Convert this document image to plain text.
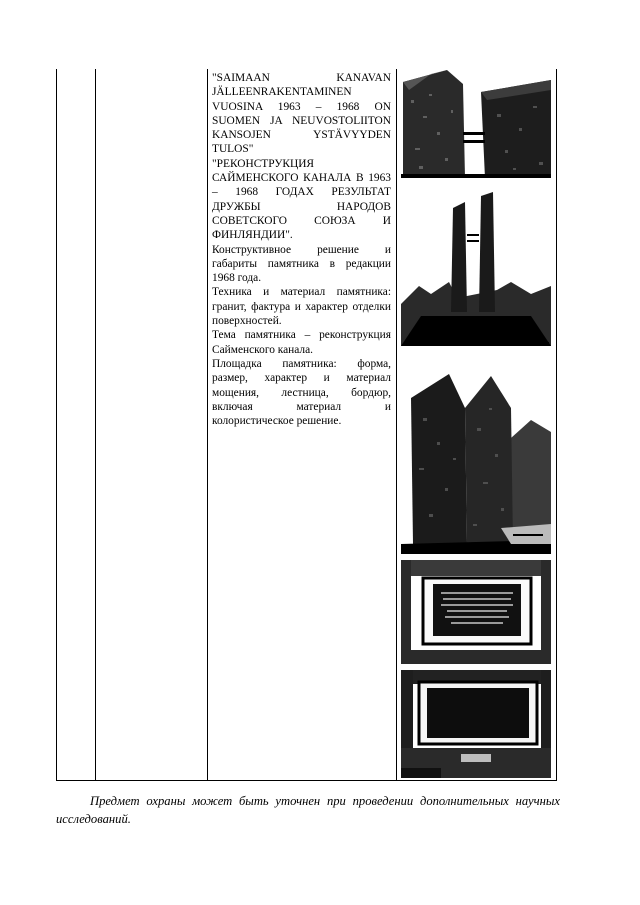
"SAIMAAN KANAVAN JÄLLEENRAKENTAMINEN VUOSINA 1963 – 1968 ON SUOMEN JA NEUVOSTOLIITON KANSOJEN YSTÄVYYDEN TULOS"

"РЕКОНСТРУКЦИЯ САЙМЕНСКОГО КАНАЛА В 1963 – 1968 ГОДАХ РЕЗУЛЬТАТ ДРУЖБЫ НАРОДОВ СОВЕТСКОГО СОЮЗА И ФИНЛЯНДИИ".

Конструктивное решение и габариты памятника в редакции 1968 года.

Техника и материал памятника: гранит, фактура и характер отделки поверхностей.

Тема памятника – реконструкция Сайменского канала.

Площадка памятника: форма, размер, характер и материал мощения, лестница, бордюр, включая материал и колористическое решение.

Предмет охраны может быть уточнен при проведении дополнительных научных исследований.
